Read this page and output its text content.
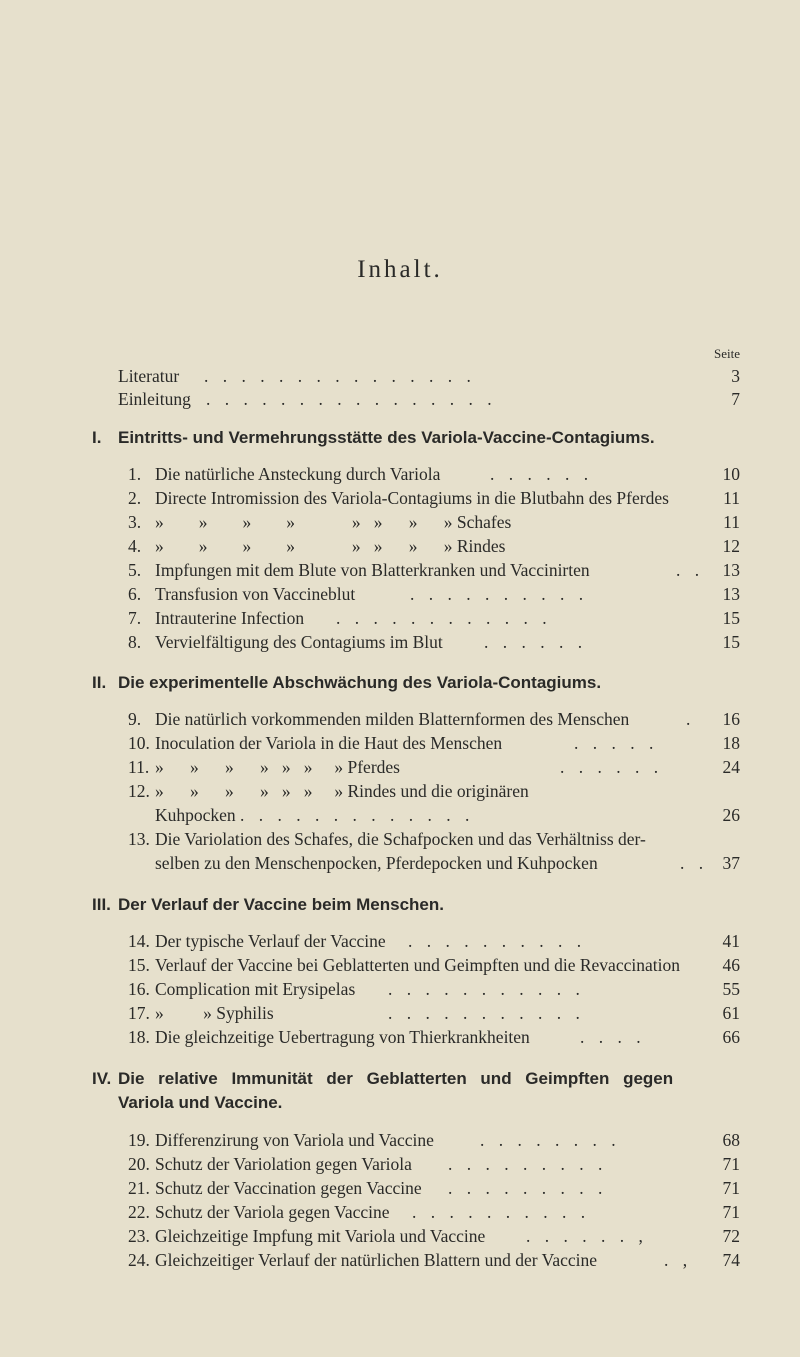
Inhalt.
Seite
Literatur . . . . . . . . . . . . . . .	3
Einleitung . . . . . . . . . . . . . . . .	7
I. Eintritts- und Vermehrungsstätte des Variola-Vaccine-Contagiums.
1. Die natürliche Ansteckung durch Variola	. . . . . .	10
2. Directe Intromission des Variola-Contagiums in die Blutbahn des Pferdes	11
3. »        »        »        »             »   »      »      » Schafes	11
4. »        »        »        »             »   »      »      » Rindes	12
5. Impfungen mit dem Blute von Blatterkranken und Vaccinirten	. .	13
6. Transfusion von Vaccineblut	. . . . . . . . . .	13
7. Intrauterine Infection . . . . . . . . . . . .	15
8. Vervielfältigung des Contagiums im Blut . . . . . .	15
II. Die experimentelle Abschwächung des Variola-Contagiums.
9. Die natürlich vorkommenden milden Blatternformen des Menschen	.	16
10. Inoculation der Variola in die Haut des Menschen	. . . . .	18
11. »      »      »      »   »   »     » Pferdes	. . . . . .	24
12. »      »      »      »   »   »     » Rindes und die originären
Kuhpocken . . . . . . . . . . . . .	26
13. Die Variolation des Schafes, die Schafpocken und das Verhältniss der-
selben zu den Menschenpocken, Pferdepocken und Kuhpocken	. . 37
III. Der Verlauf der Vaccine beim Menschen.
14. Der typische Verlauf der Vaccine . . . . . . . . . .	41
15. Verlauf der Vaccine bei Geblatterten und Geimpften und die Revaccination	46
16. Complication mit Erysipelas . . . . . . . . . . .	55
17. »         » Syphilis	. . . . . . . . . . .	61
18. Die gleichzeitige Uebertragung von Thierkrankheiten	. . . .	66
IV. Die relative Immunität der Geblatterten und Geimpften gegen
Variola und Vaccine.
19. Differenzirung von Variola und Vaccine	. . . . . . . .	68
20. Schutz der Variolation gegen Variola . . . . . . . . .	71
21. Schutz der Vaccination gegen Vaccine . . . . . . . . .	71
22. Schutz der Variola gegen Vaccine . . . . . . . . . .	71
23. Gleichzeitige Impfung mit Variola und Vaccine . . . . . . ,	72
24. Gleichzeitiger Verlauf der natürlichen Blattern und der Vaccine	. ,	74
